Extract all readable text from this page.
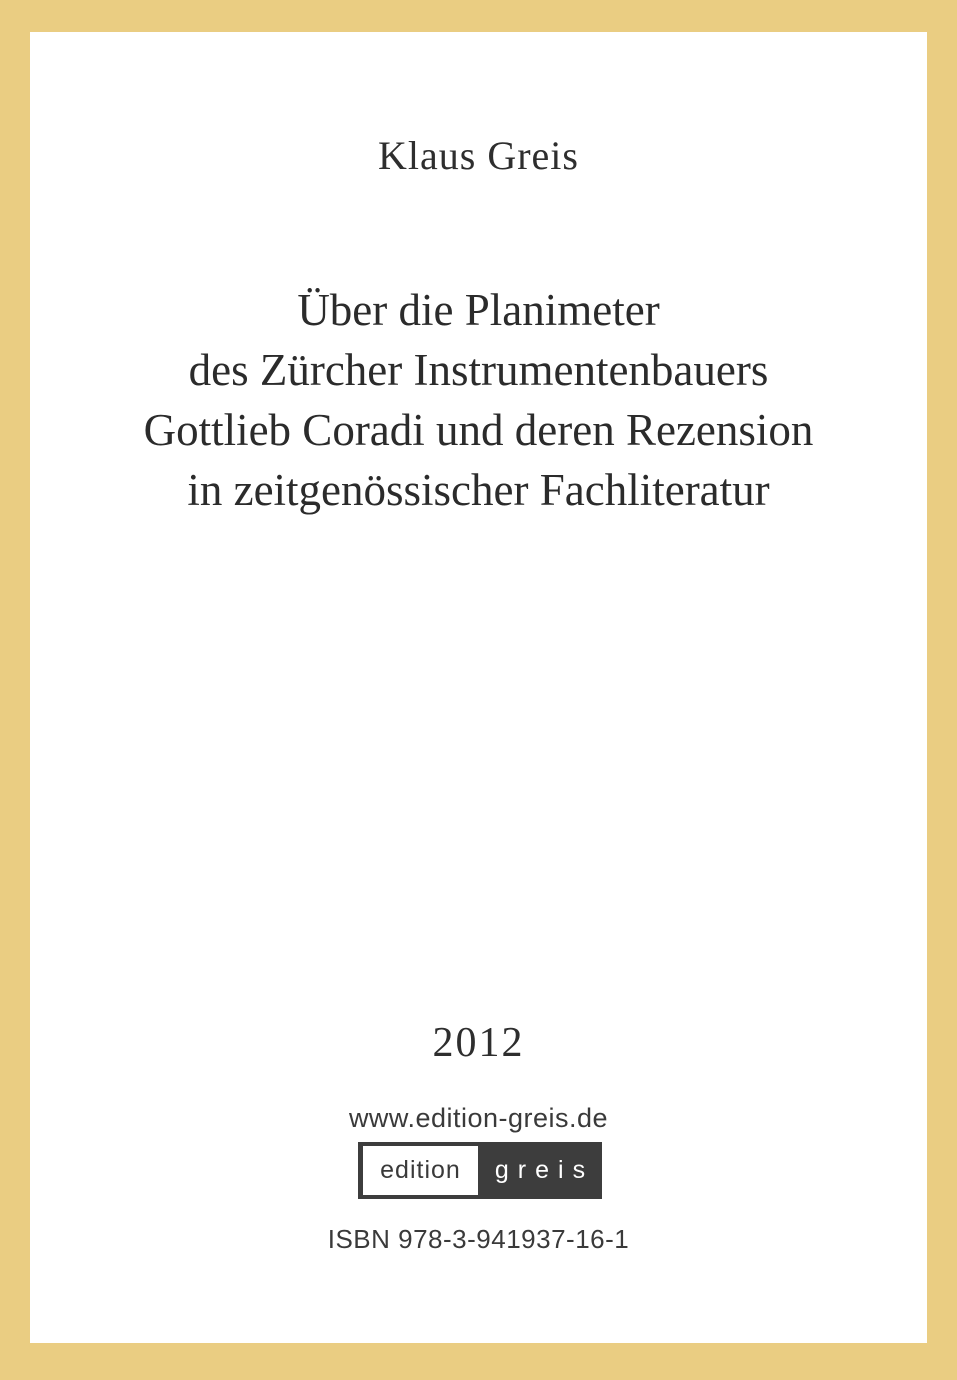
Klaus Greis
Über die Planimeter
des Zürcher Instrumentenbauers
Gottlieb Coradi und deren Rezension
in zeitgenössischer Fachliteratur
2012
www.edition-greis.de
edition	greis
ISBN 978-3-941937-16-1
